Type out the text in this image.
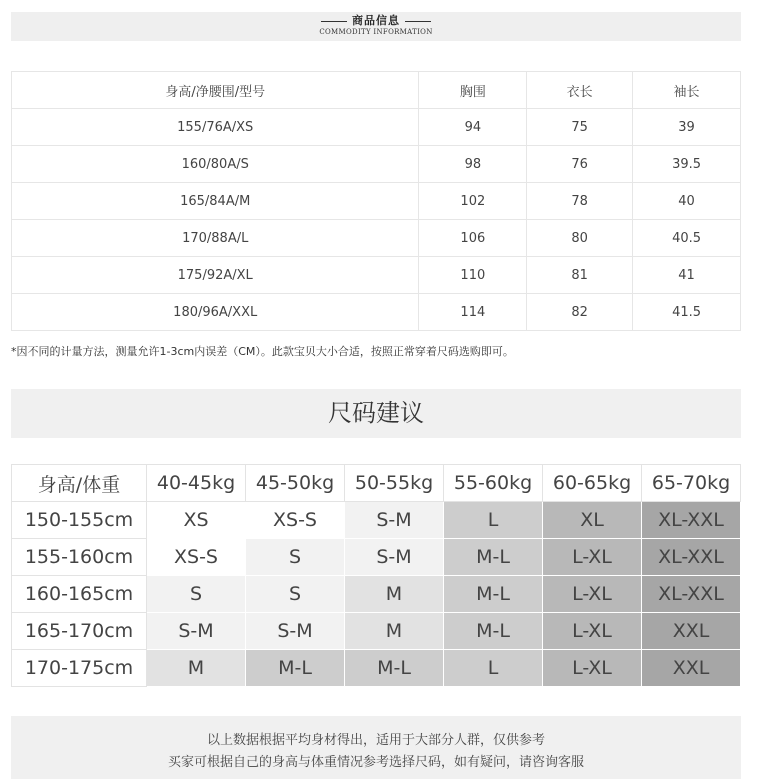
商品信息
COMMODITY INFORMATION
身高/净腰围/型号	胸围	衣长	袖长
155/76A/XS	94	75	39
160/80A/S	98	76	39.5
165/84A/M	102	78	40
170/88A/L	106	80	40.5
175/92A/XL	110	81	41
180/96A/XXL	114	82	41.5
*因不同的计量方法，测量允许1-3cm内误差（CM）。此款宝贝大小合适，按照正常穿着尺码选购即可。
尺码建议
身高/体重	40-45kg	45-50kg	50-55kg	55-60kg	60-65kg	65-70kg
150-155cm	XS	XS-S	S-M	L	XL	XL-XXL
155-160cm	XS-S	S	S-M	M-L	L-XL	XL-XXL
160-165cm	S	S	M	M-L	L-XL	XL-XXL
165-170cm	S-M	S-M	M	M-L	L-XL	XXL
170-175cm	M	M-L	M-L	L	L-XL	XXL
以上数据根据平均身材得出，适用于大部分人群，仅供参考
买家可根据自己的身高与体重情况参考选择尺码，如有疑问，请咨询客服
